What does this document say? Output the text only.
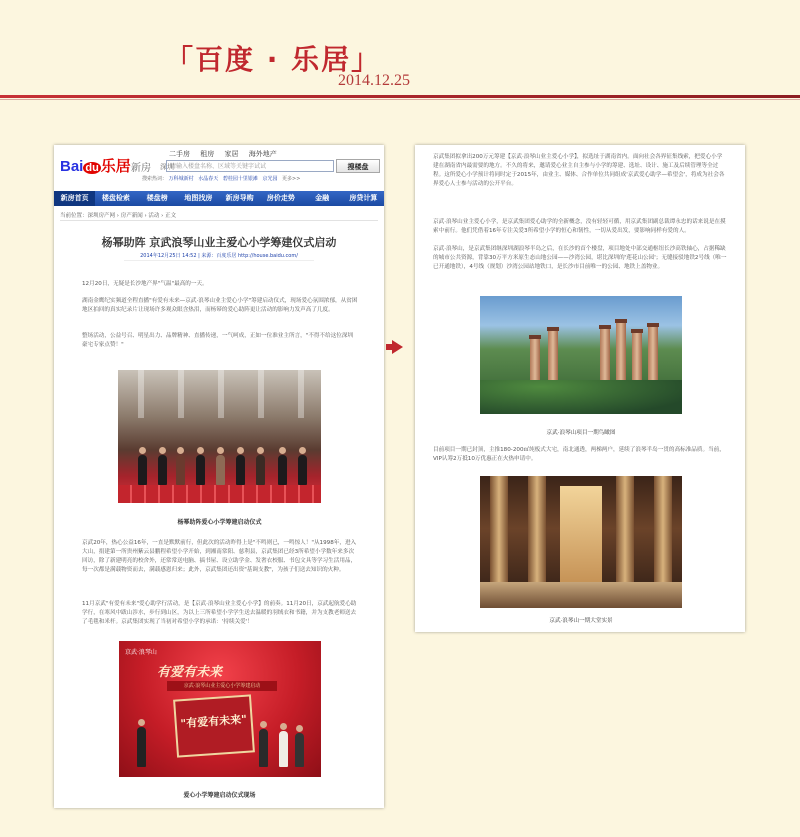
「百度 · 乐居」
2014.12.25
Bai du 乐居 新房 深圳
二手房 租房 家居 海外地产
请输入楼盘名称、区域等关键字试试	搜楼盘
搜索热词： 万科城新村 水晶春天 碧桂园十里银滩 京光园 更多>>
新房首页	楼盘检索	楼盘榜	地图找房	新房导购	房价走势	金融	房贷计算
当前位置：深圳房产网 › 房产新闻 › 活动 › 正文
杨幂助阵 京武浪琴山业主爱心小学筹建仪式启动
2014年12月25日 14:52 | 来源：百度乐居 http://house.baidu.com/
12月20日，无疑是长沙地产界"气温"最高的一天。
湖南金鹰纪实频道全程直播"有爱有未来—京武·浪琴山业主爱心小学"筹建启动仪式，现场爱心氛围浓郁，从贫困地区拍回的真实纪录片让现场许多观众眼含热泪，而杨幂的爱心助阵更让活动的影响力发声高了几度。
整场活动，公益号召、明星出力、品牌精神、直播传递，一气呵成，正如一位准业主所言，"不得不给这位深圳豪宅专家点赞！"
杨幂助阵爱心小学筹建启动仪式
京武20年，热心公益16年，一直是默默前行，但此次的活动昨得上是"不鸣则已，一鸣惊人！"从1998年，进入大山，捐建第一所贵州紫云县鹏程希望小学开始，到湘南常阳、慈利县，京武集团已经3所希望小学数年来多次回访，除了新建明亮的校舍外，还常常送电脑、搞书屋、设立助学金、发奢衣校服、书包文具等学习生活用品，每一次都是满载物资而去，满载感恩归来；此外，京武集团还出资"基调支教"，为孩子们送去知识的火种。
11月京武"有爱有未来"爱心助学行活动，是【京武·浪琴山业主爱心小学】的前奏。11月20日，京武起航爱心助学行，在寒风中跋山涉水，步行到山区，为以上三所希望小学学生送去温暖的羽绒衣和书籍，并为支教老师送去了毛毯和米杆。京武集团实现了当初对希望小学的承诺：'持续关爱'！
京武·浪琴山
有爱有未来
京武·浪琴山业主爱心小学筹建启动
"有爱有未来"
爱心小学筹建启动仪式现场
京武集团拟拿出200万元筹建【京武·浪琴山业主爱心小学】，拟选址于湖南省内。面向社会各界征集线索，把爱心小学建在湖南省内最需要的地方。不久的将来，邀请爱心业主自主参与小学的筹建、选址、设计、施工及后续管理等全过程。这所爱心小学预计将同时定于2015年，由业主、媒体、合作单位共同组成'京武爱心助学—希望会'，将成为社会各界爱心人士参与活动的公开平台。
京武·浪琴山业主爱心小学，是京武集团爱心助学的全新概念，没有轻轻可循，用京武集团副总裁谭永忠的话来说是在摸索中前行。他们凭借着16年专注关爱3所希望小学的恒心和韧性，一切从爱出发，要影响同样有爱的人。
京武·浪琴山，是京武集团继深圳湖浪琴半岛之后，在长沙的首个楼盘，项目地处中部交通枢纽长沙高铁轴心，占据稀缺的城市公共资源，背靠30万平方米原生态山地公园——沙湾公园，堪比深圳的'莲花山公园'；无缝接驳地铁2号线（唯一已开通地铁），4号线（规划）沙湾公园站地铁口，是长沙市目前唯一的公园、地铁上盖物业。
京武·浪琴山项目一期鸟瞰图
目前项目一期已封顶，主推180-200㎡纯板式大宅，南北通透，两梯两户，延续了浪琴半岛一贯的高标准品质。当前，VIP认筹2万抵10万优惠正在火热申请中。
京武·浪琴山一期大堂实景
